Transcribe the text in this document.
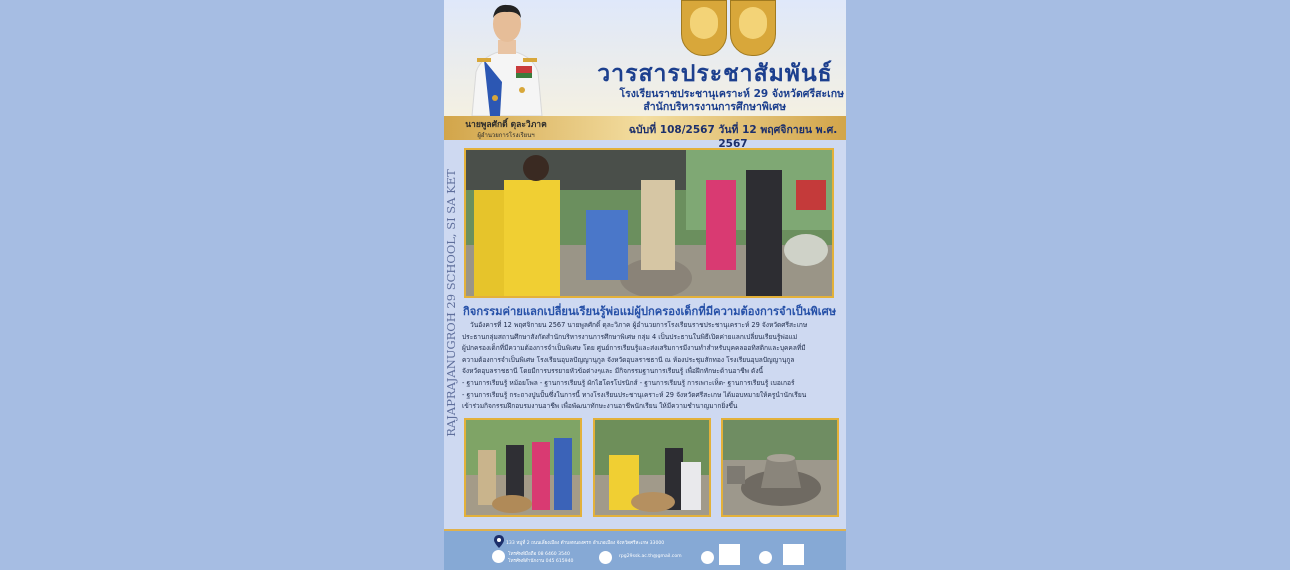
วารสารประชาสัมพันธ์
โรงเรียนราชประชานุเคราะห์ 29 จังหวัดศรีสะเกษ
สำนักบริหารงานการศึกษาพิเศษ
นายพูลศักดิ์ ดุละวิภาค
ผู้อำนวยการโรงเรียนฯ	ฉบับที่ 108/2567 วันที่ 12 พฤศจิกายน พ.ศ. 2567
RAJAPRAJANUGROH 29 SCHOOL, SI SA KET กิจกรรมค่ายแลกเปลี่ยนเรียนรู้พ่อแม่ผู้ปกครองเด็กที่มีความต้องการจำเป็นพิเศษ

วันอังคารที่ 12 พฤศจิกายน 2567 นายพูลศักดิ์ ดุละวิภาค ผู้อำนวยการโรงเรียนราชประชานุเคราะห์ 29 จังหวัดศรีสะเกษ

ประธานกลุ่มสถานศึกษาสังกัดสำนักบริหารงานการศึกษาพิเศษ กลุ่ม 4 เป็นประธานในพิธีเปิดค่ายแลกเปลี่ยนเรียนรู้พ่อแม่

ผู้ปกครองเด็กที่มีความต้องการจำเป็นพิเศษ โดย ศูนย์การเรียนรู้และส่งเสริมการมีงานทำสำหรับบุคคลออทิสติกและบุคคลที่มี

ความต้องการจำเป็นพิเศษ โรงเรียนอุบลปัญญานุกูล จังหวัดอุบลราชธานี ณ ห้องประชุมสักทอง โรงเรียนอุบลปัญญานุกูล

จังหวัดอุบลราชธานี โดยมีการบรรยายหัวข้อต่างๆและ มีกิจกรรมฐานการเรียนรู้ เพื่อฝึกทักษะด้านอาชีพ ดังนี้

- ฐานการเรียนรู้ หม้อยโพล - ฐานการเรียนรู้ ผักไฮโดรโปรนิกส์ - ฐานการเรียนรู้ การเพาะเห็ด- ฐานการเรียนรู้ เบอเกอร์

- ฐานการเรียนรู้ กระถางปูนปั้นซึ่งในการนี้ ทางโรงเรียนประชานุเคราะห์ 29 จังหวัดศรีสะเกษ ได้มอบหมายให้ครูนำนักเรียน

เข้าร่วมกิจกรรมฝึกอบรมงานอาชีพ เพื่อพัฒนาทักษะงานอาชีพนักเรียน ให้มีความชำนาญมากยิ่งขึ้น

133 หมู่ที่ 2 ถนนเลี่ยงเมือง ตำบลหนองครก อำเภอเมือง จังหวัดศรีสะเกษ 33000
โทรศัพท์มือถือ 08 6460 3540
โทรศัพท์สำนักงาน 045 615940
rpg29ssk.ac.th@gmail.com
